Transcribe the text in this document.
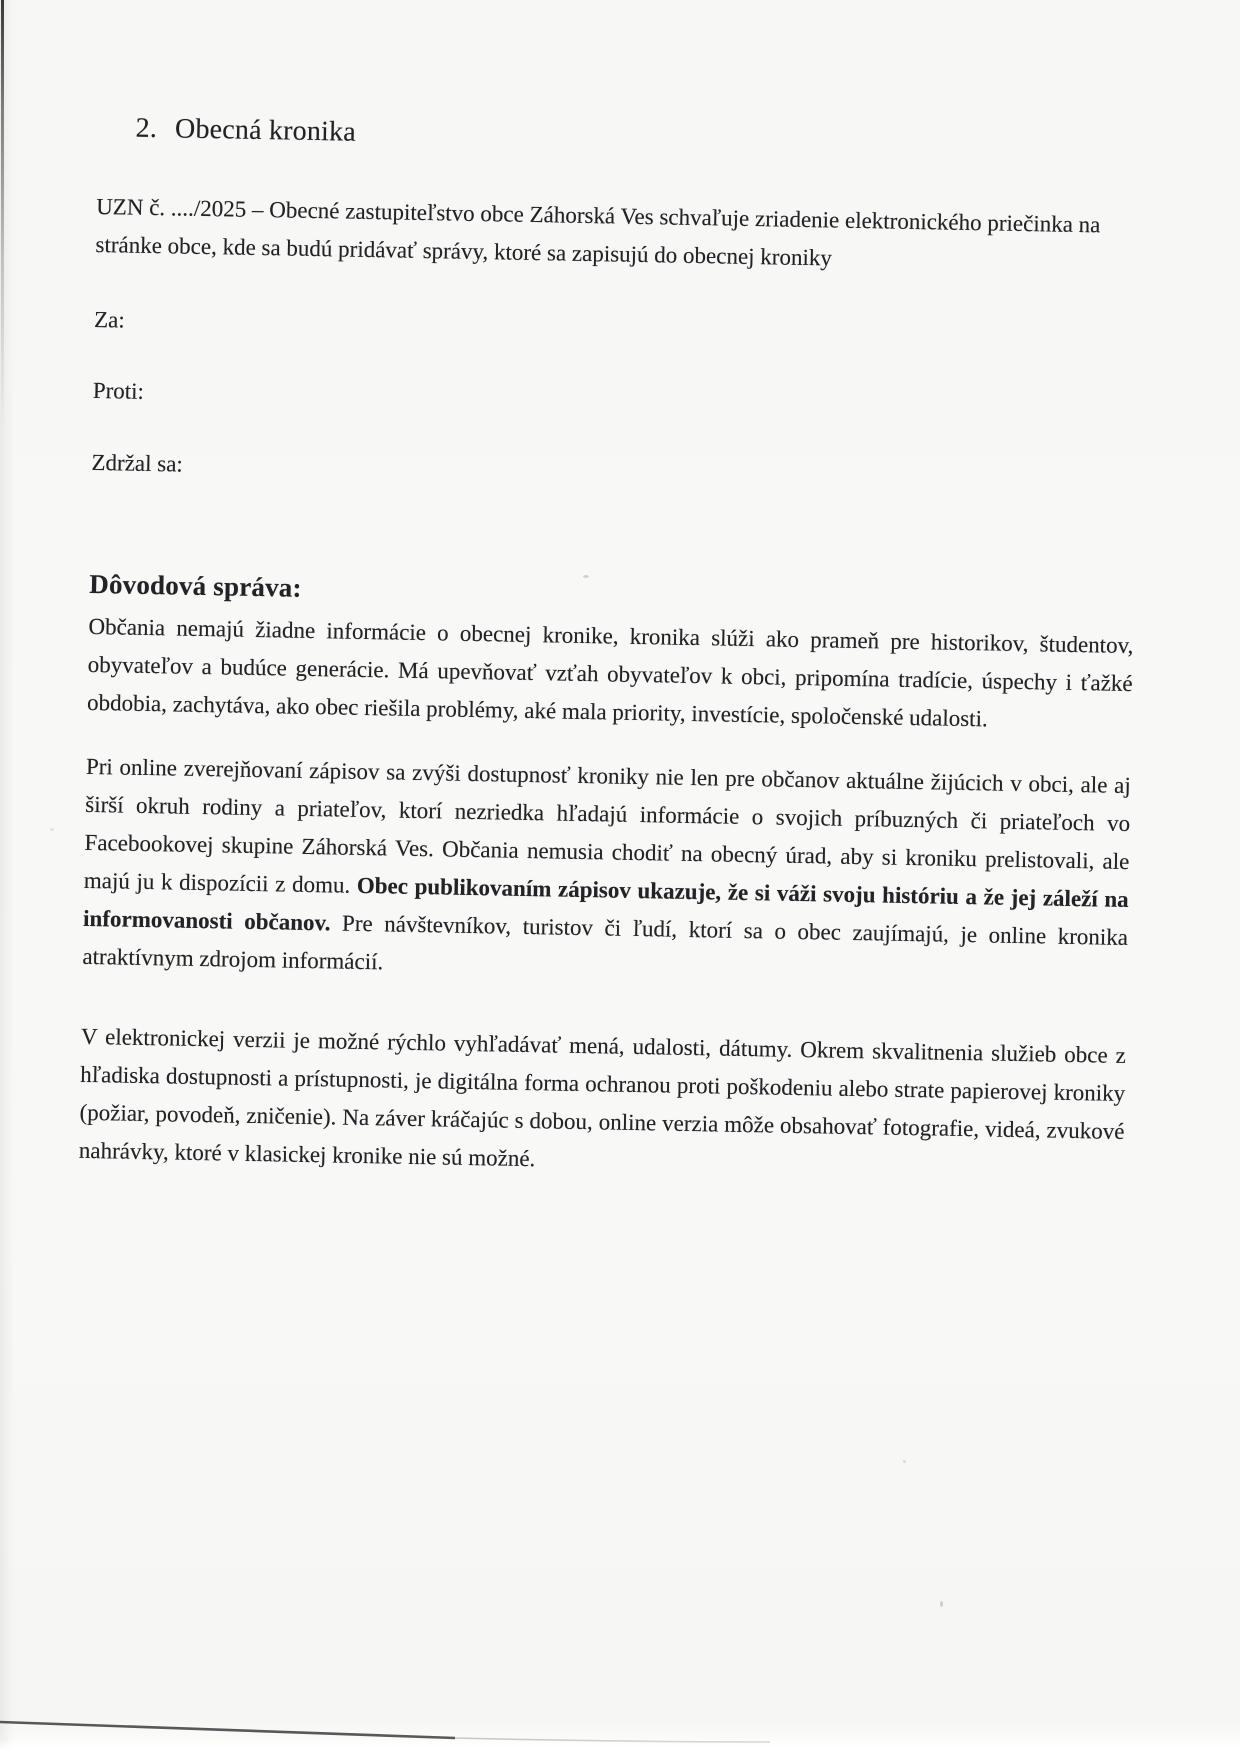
2. Obecná kronika

UZN č. ..../2025 – Obecné zastupiteľstvo obce Záhorská Ves schvaľuje zriadenie elektronického priečinka na stránke obce, kde sa budú pridávať správy, ktoré sa zapisujú do obecnej kroniky

Za:
Proti:
Zdržal sa:
Dôvodová správa:

Občania nemajú žiadne informácie o obecnej kronike, kronika slúži ako prameň pre historikov, študentov, obyvateľov a budúce generácie. Má upevňovať vzťah obyvateľov k obci, pripomína tradície, úspechy i ťažké obdobia, zachytáva, ako obec riešila problémy, aké mala priority, investície, spoločenské udalosti.

Pri online zverejňovaní zápisov sa zvýši dostupnosť kroniky nie len pre občanov aktuálne žijúcich v obci, ale aj širší okruh rodiny a priateľov, ktorí nezriedka hľadajú informácie o svojich príbuzných či priateľoch vo Facebookovej skupine Záhorská Ves. Občania nemusia chodiť na obecný úrad, aby si kroniku prelistovali, ale majú ju k dispozícii z domu. Obec publikovaním zápisov ukazuje, že si váži svoju históriu a že jej záleží na informovanosti občanov. Pre návštevníkov, turistov či ľudí, ktorí sa o obec zaujímajú, je online kronika atraktívnym zdrojom informácií.

V elektronickej verzii je možné rýchlo vyhľadávať mená, udalosti, dátumy. Okrem skvalitnenia služieb obce z hľadiska dostupnosti a prístupnosti, je digitálna forma ochranou proti poškodeniu alebo strate papierovej kroniky (požiar, povodeň, zničenie). Na záver kráčajúc s dobou, online verzia môže obsahovať fotografie, videá, zvukové nahrávky, ktoré v klasickej kronike nie sú možné.
